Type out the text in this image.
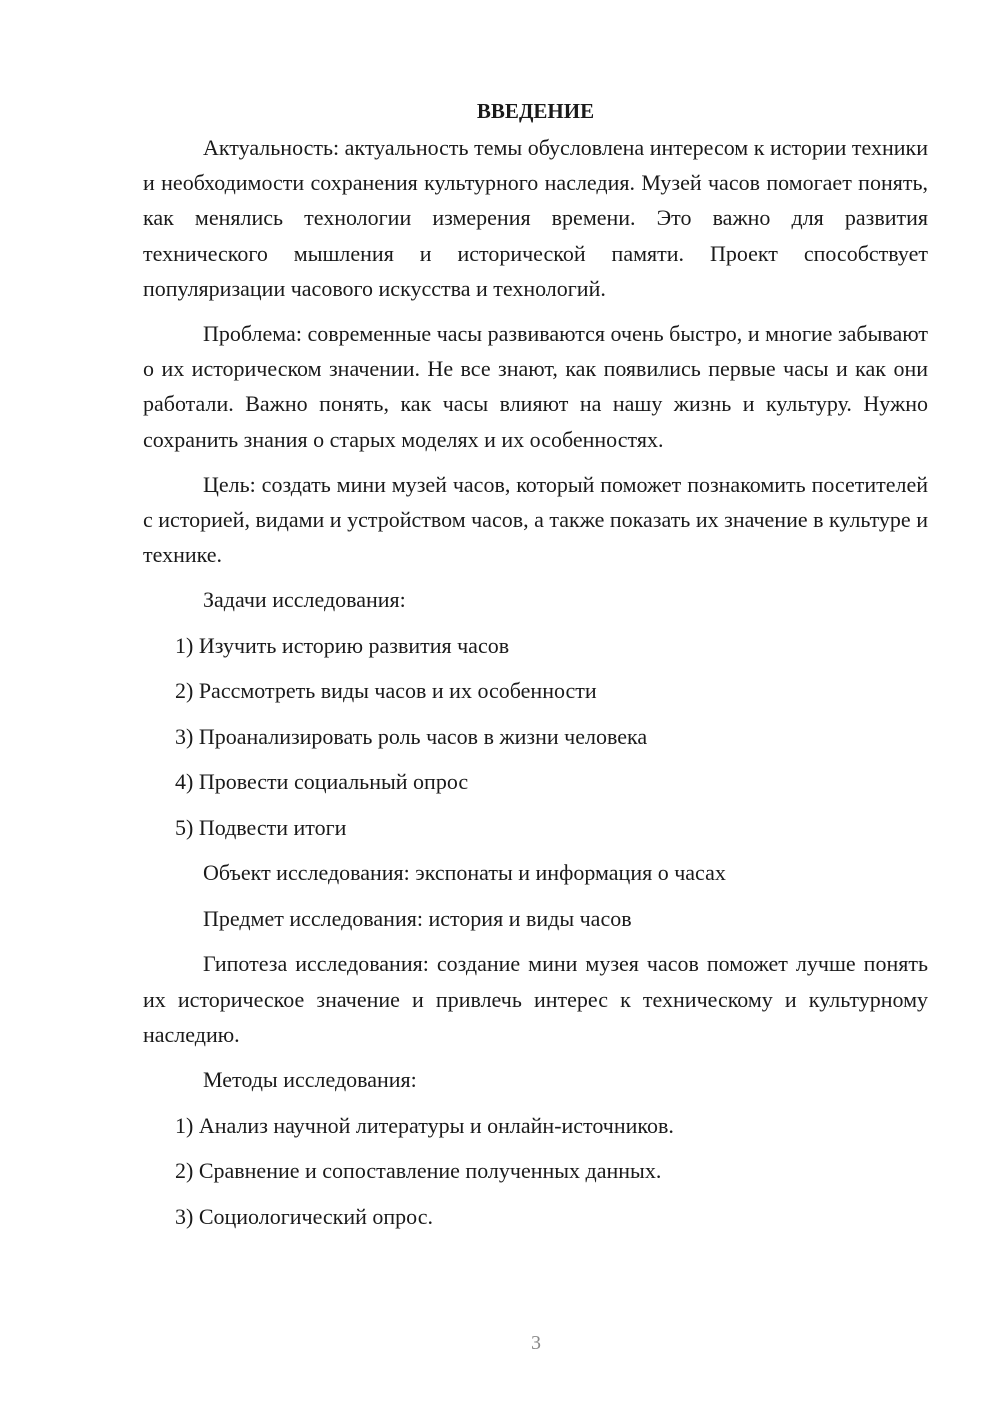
ВВЕДЕНИЕ

Актуальность: актуальность темы обусловлена интересом к истории техники и необходимости сохранения культурного наследия. Музей часов помогает понять, как менялись технологии измерения времени. Это важно для развития технического мышления и исторической памяти. Проект способствует популяризации часового искусства и технологий.

Проблема: современные часы развиваются очень быстро, и многие забывают о их историческом значении. Не все знают, как появились первые часы и как они работали. Важно понять, как часы влияют на нашу жизнь и культуру. Нужно сохранить знания о старых моделях и их особенностях.

Цель: создать мини музей часов, который поможет познакомить посетителей с историей, видами и устройством часов, а также показать их значение в культуре и технике.

Задачи исследования:
1) Изучить историю развития часов
2) Рассмотреть виды часов и их особенности
3) Проанализировать роль часов в жизни человека
4) Провести социальный опрос
5) Подвести итоги
Объект исследования: экспонаты и информация о часах
Предмет исследования: история и виды часов

Гипотеза исследования: создание мини музея часов поможет лучше понять их историческое значение и привлечь интерес к техническому и культурному наследию.

Методы исследования:
1) Анализ научной литературы и онлайн-источников.
2) Сравнение и сопоставление полученных данных.
3) Социологический опрос.
3
